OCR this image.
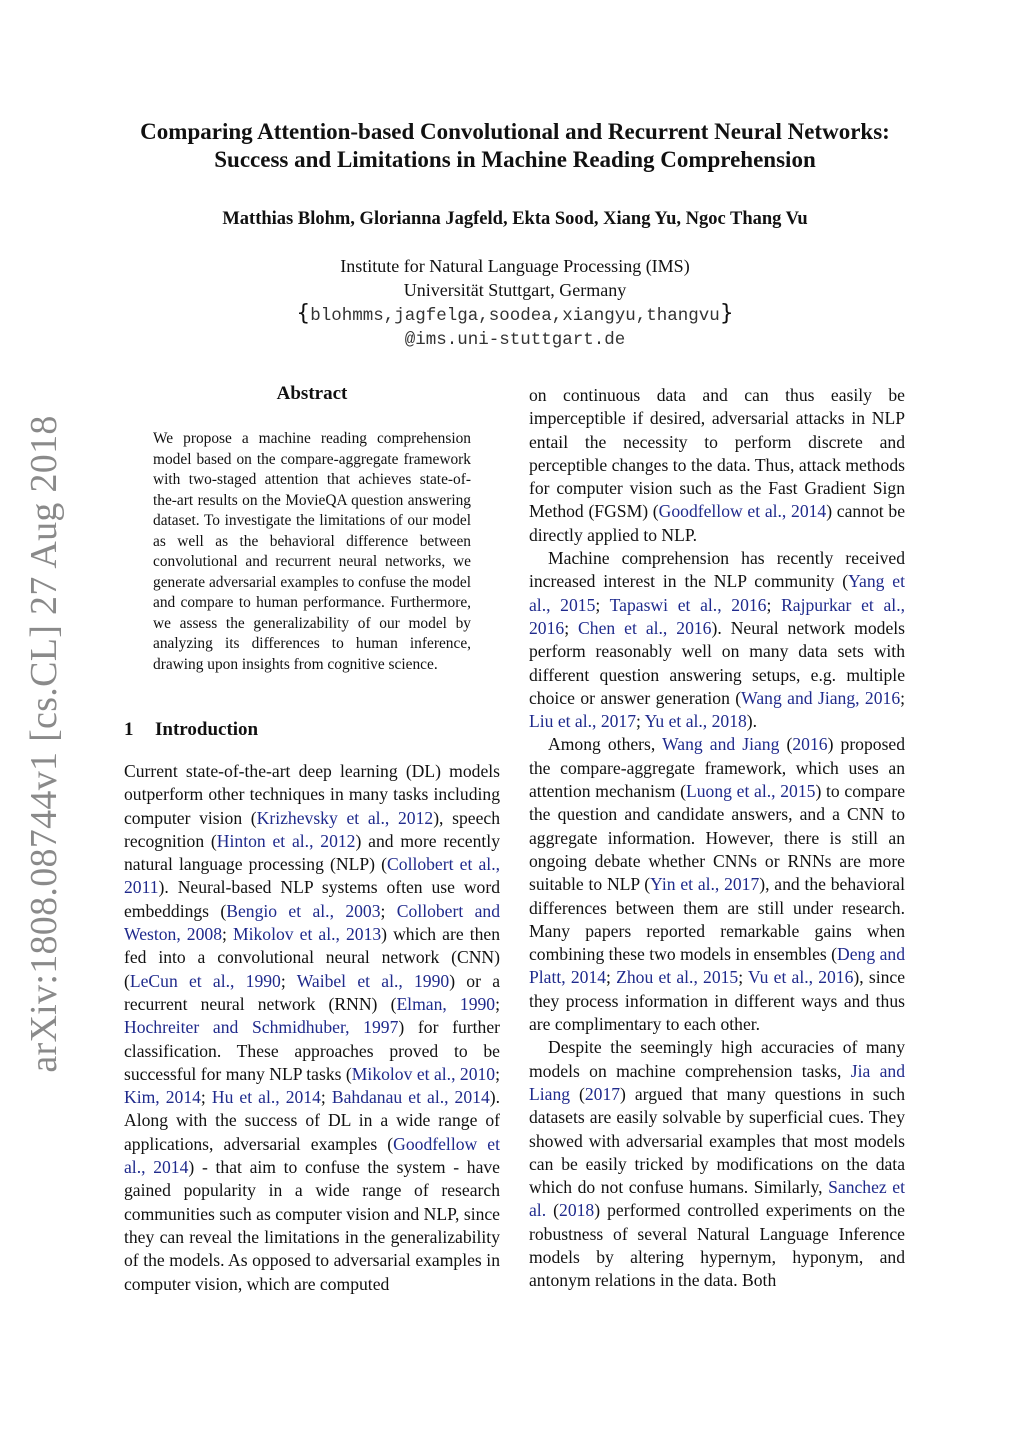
arXiv:1808.08744v1 [cs.CL] 27 Aug 2018
Comparing Attention-based Convolutional and Recurrent Neural Networks: Success and Limitations in Machine Reading Comprehension
Matthias Blohm, Glorianna Jagfeld, Ekta Sood, Xiang Yu, Ngoc Thang Vu
Institute for Natural Language Processing (IMS)
Universität Stuttgart, Germany
{blohmms,jagfelga,soodea,xiangyu,thangvu}
@ims.uni-stuttgart.de
Abstract
We propose a machine reading comprehension model based on the compare-aggregate framework with two-staged attention that achieves state-of-the-art results on the MovieQA question answering dataset. To investigate the limitations of our model as well as the behavioral difference between convolutional and recurrent neural networks, we generate adversarial examples to confuse the model and compare to human performance. Furthermore, we assess the generalizability of our model by analyzing its differences to human inference, drawing upon insights from cognitive science.
1 Introduction

Current state-of-the-art deep learning (DL) models outperform other techniques in many tasks including computer vision (Krizhevsky et al., 2012), speech recognition (Hinton et al., 2012) and more recently natural language processing (NLP) (Collobert et al., 2011). Neural-based NLP systems often use word embeddings (Bengio et al., 2003; Collobert and Weston, 2008; Mikolov et al., 2013) which are then fed into a convolutional neural network (CNN) (LeCun et al., 1990; Waibel et al., 1990) or a recurrent neural network (RNN) (Elman, 1990; Hochreiter and Schmidhuber, 1997) for further classification. These approaches proved to be successful for many NLP tasks (Mikolov et al., 2010; Kim, 2014; Hu et al., 2014; Bahdanau et al., 2014). Along with the success of DL in a wide range of applications, adversarial examples (Goodfellow et al., 2014) - that aim to confuse the system - have gained popularity in a wide range of research communities such as computer vision and NLP, since they can reveal the limitations in the generalizability of the models. As opposed to adversarial examples in computer vision, which are computed

on continuous data and can thus easily be imperceptible if desired, adversarial attacks in NLP entail the necessity to perform discrete and perceptible changes to the data. Thus, attack methods for computer vision such as the Fast Gradient Sign Method (FGSM) (Goodfellow et al., 2014) cannot be directly applied to NLP.

Machine comprehension has recently received increased interest in the NLP community (Yang et al., 2015; Tapaswi et al., 2016; Rajpurkar et al., 2016; Chen et al., 2016). Neural network models perform reasonably well on many data sets with different question answering setups, e.g. multiple choice or answer generation (Wang and Jiang, 2016; Liu et al., 2017; Yu et al., 2018).

Among others, Wang and Jiang (2016) proposed the compare-aggregate framework, which uses an attention mechanism (Luong et al., 2015) to compare the question and candidate answers, and a CNN to aggregate information. However, there is still an ongoing debate whether CNNs or RNNs are more suitable to NLP (Yin et al., 2017), and the behavioral differences between them are still under research. Many papers reported remarkable gains when combining these two models in ensembles (Deng and Platt, 2014; Zhou et al., 2015; Vu et al., 2016), since they process information in different ways and thus are complimentary to each other.

Despite the seemingly high accuracies of many models on machine comprehension tasks, Jia and Liang (2017) argued that many questions in such datasets are easily solvable by superficial cues. They showed with adversarial examples that most models can be easily tricked by modifications on the data which do not confuse humans. Similarly, Sanchez et al. (2018) performed controlled experiments on the robustness of several Natural Language Inference models by altering hypernym, hyponym, and antonym relations in the data. Both
